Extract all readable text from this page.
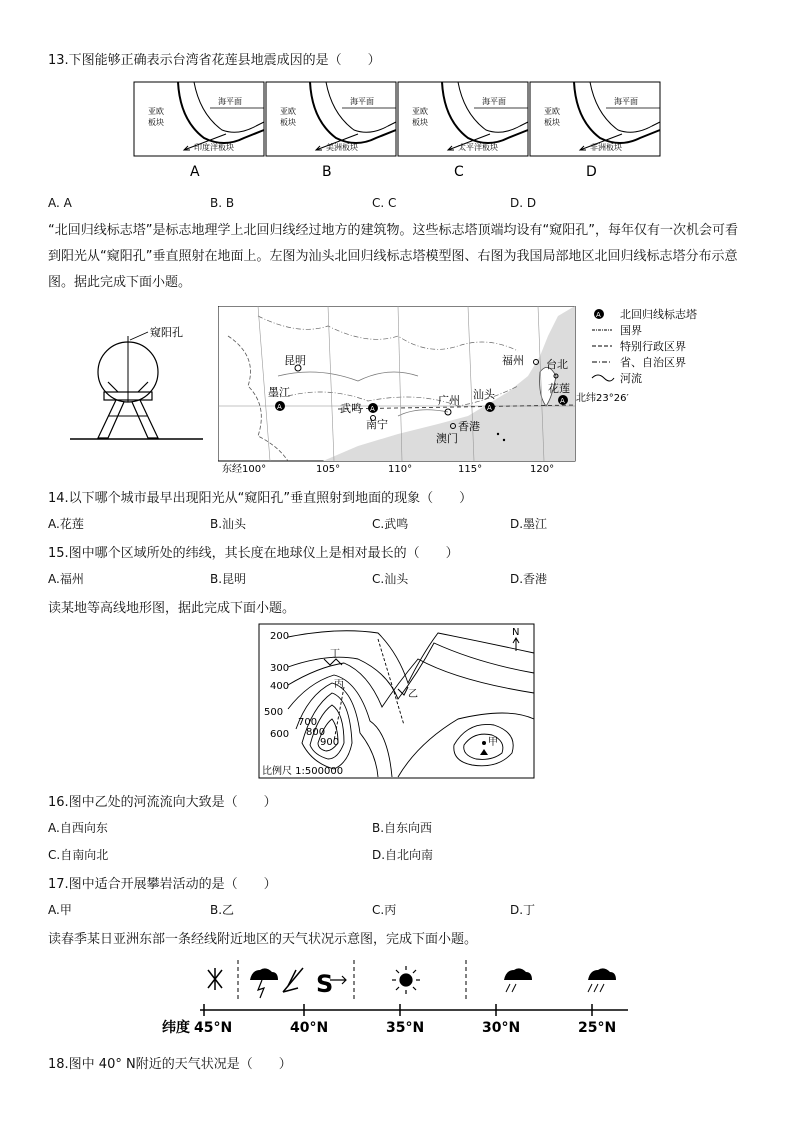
13.下图能够正确表示台湾省花莲县地震成因的是（　　）
亚欧
板块
海平面
印度洋板块
A
亚欧
板块
海平面
美洲板块
B
亚欧
板块
海平面
太平洋板块
C
亚欧
板块
海平面
非洲板块
D
A. A	B. B	C. C	D. D
“北回归线标志塔”是标志地理学上北回归线经过地方的建筑物。这些标志塔顶端均设有“窥阳孔”，每年仅有一次机会可看到阳光从“窥阳孔”垂直照射在地面上。左图为汕头北回归线标志塔模型图、右图为我国局部地区北回归线标志塔分布示意图。据此完成下面小题。
窥阳孔
昆明
墨江
A	武鸣 A
南宁
广州 汕头
A
福州 台北
花莲
A
澳门
香港
北纬23°26′
东经100°	105°	110°	115°	120°
A 北回归线标志塔
国界
特别行政区界
省、自治区界
河流
14.以下哪个城市最早出现阳光从“窥阳孔”垂直照射到地面的现象（　　）
A.花莲	B.汕头	C.武鸣	D.墨江
15.图中哪个区域所处的纬线，其长度在地球仪上是相对最长的（　　）
A.福州	B.昆明	C.汕头	D.香港
读某地等高线地形图，据此完成下面小题。
200
300
400
500
600
700
800
900
丁
丙
乙
甲
N
比例尺 1:500000
16.图中乙处的河流流向大致是（　　）
A.自西向东	B.自东向西
C.自南向北	D.自北向南
17.图中适合开展攀岩活动的是（　　）
A.甲	B.乙	C.丙	D.丁
读春季某日亚洲东部一条经线附近地区的天气状况示意图，完成下面小题。
S
纬度 45°N	40°N	35°N	30°N	25°N
18.图中 40° N附近的天气状况是（　　）
